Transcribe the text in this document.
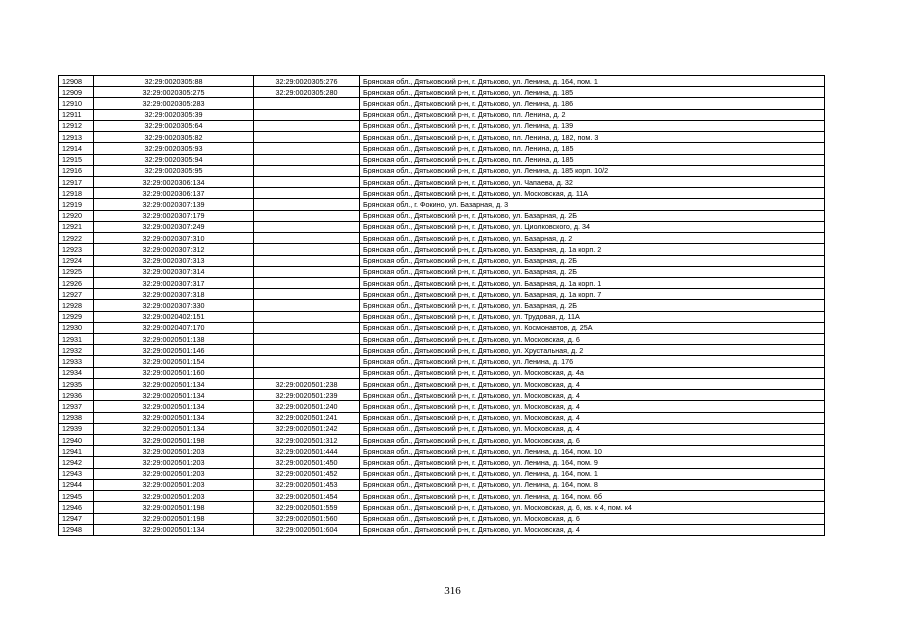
12908	32:29:0020305:88	32:29:0020305:276	Брянская обл., Дятьковский р-н, г. Дятьково, ул. Ленина, д. 164, пом. 1
12909	32:29:0020305:275	32:29:0020305:280	Брянская обл., Дятьковский р-н, г. Дятьково, ул. Ленина, д. 185
12910	32:29:0020305:283		Брянская обл., Дятьковский р-н, г. Дятьково, ул. Ленина, д. 186
12911	32:29:0020305:39		Брянская обл., Дятьковский р-н, г. Дятьково, пл. Ленина, д. 2
12912	32:29:0020305:64		Брянская обл., Дятьковский р-н, г. Дятьково, ул. Ленина, д. 139
12913	32:29:0020305:82		Брянская обл., Дятьковский р-н, г. Дятьково, пл. Ленина, д. 182, пом. 3
12914	32:29:0020305:93		Брянская обл., Дятьковский р-н, г. Дятьково, пл. Ленина, д. 185
12915	32:29:0020305:94		Брянская обл., Дятьковский р-н, г. Дятьково, пл. Ленина, д. 185
12916	32:29:0020305:95		Брянская обл., Дятьковский р-н, г. Дятьково, ул. Ленина, д. 185 корп. 10/2
12917	32:29:0020306:134		Брянская обл., Дятьковский р-н, г. Дятьково, ул. Чапаева, д. 32
12918	32:29:0020306:137		Брянская обл., Дятьковский р-н, г. Дятьково, ул. Московская, д. 11А
12919	32:29:0020307:139		Брянская обл., г. Фокино, ул. Базарная, д. 3
12920	32:29:0020307:179		Брянская обл., Дятьковский р-н, г. Дятьково, ул. Базарная, д. 2Б
12921	32:29:0020307:249		Брянская обл., Дятьковский р-н, г. Дятьково, ул. Циолковского, д. 34
12922	32:29:0020307:310		Брянская обл., Дятьковский р-н, г. Дятьково, ул. Базарная, д. 2
12923	32:29:0020307:312		Брянская обл., Дятьковский р-н, г. Дятьково, ул. Базарная, д. 1а корп. 2
12924	32:29:0020307:313		Брянская обл., Дятьковский р-н, г. Дятьково, ул. Базарная, д. 2Б
12925	32:29:0020307:314		Брянская обл., Дятьковский р-н, г. Дятьково, ул. Базарная, д. 2Б
12926	32:29:0020307:317		Брянская обл., Дятьковский р-н, г. Дятьково, ул. Базарная, д. 1а корп. 1
12927	32:29:0020307:318		Брянская обл., Дятьковский р-н, г. Дятьково, ул. Базарная, д. 1а корп. 7
12928	32:29:0020307:330		Брянская обл., Дятьковский р-н, г. Дятьково, ул. Базарная, д. 2Б
12929	32:29:0020402:151		Брянская обл., Дятьковский р-н, г. Дятьково, ул. Трудовая, д. 11А
12930	32:29:0020407:170		Брянская обл., Дятьковский р-н, г. Дятьково, ул. Космонавтов, д. 25А
12931	32:29:0020501:138		Брянская обл., Дятьковский р-н, г. Дятьково, ул. Московская, д. 6
12932	32:29:0020501:146		Брянская обл., Дятьковский р-н, г. Дятьково, ул. Хрустальная, д. 2
12933	32:29:0020501:154		Брянская обл., Дятьковский р-н, г. Дятьково, ул. Ленина, д. 176
12934	32:29:0020501:160		Брянская обл., Дятьковский р-н, г. Дятьково, ул. Московская, д. 4а
12935	32:29:0020501:134	32:29:0020501:238	Брянская обл., Дятьковский р-н, г. Дятьково, ул. Московская, д. 4
12936	32:29:0020501:134	32:29:0020501:239	Брянская обл., Дятьковский р-н, г. Дятьково, ул. Московская, д. 4
12937	32:29:0020501:134	32:29:0020501:240	Брянская обл., Дятьковский р-н, г. Дятьково, ул. Московская, д. 4
12938	32:29:0020501:134	32:29:0020501:241	Брянская обл., Дятьковский р-н, г. Дятьково, ул. Московская, д. 4
12939	32:29:0020501:134	32:29:0020501:242	Брянская обл., Дятьковский р-н, г. Дятьково, ул. Московская, д. 4
12940	32:29:0020501:198	32:29:0020501:312	Брянская обл., Дятьковский р-н, г. Дятьково, ул. Московская, д. 6
12941	32:29:0020501:203	32:29:0020501:444	Брянская обл., Дятьковский р-н, г. Дятьково, ул. Ленина, д. 164, пом. 10
12942	32:29:0020501:203	32:29:0020501:450	Брянская обл., Дятьковский р-н, г. Дятьково, ул. Ленина, д. 164, пом. 9
12943	32:29:0020501:203	32:29:0020501:452	Брянская обл., Дятьковский р-н, г. Дятьково, ул. Ленина, д. 164, пом. 1
12944	32:29:0020501:203	32:29:0020501:453	Брянская обл., Дятьковский р-н, г. Дятьково, ул. Ленина, д. 164, пом. 8
12945	32:29:0020501:203	32:29:0020501:454	Брянская обл., Дятьковский р-н, г. Дятьково, ул. Ленина, д. 164, пом. 6б
12946	32:29:0020501:198	32:29:0020501:559	Брянская обл., Дятьковский р-н, г. Дятьково, ул. Московская, д. 6, кв. к 4, пом. к4
12947	32:29:0020501:198	32:29:0020501:560	Брянская обл., Дятьковский р-н, г. Дятьково, ул. Московская, д. 6
12948	32:29:0020501:134	32:29:0020501:604	Брянская обл., Дятьковский р-н, г. Дятьково, ул. Московская, д. 4
316
